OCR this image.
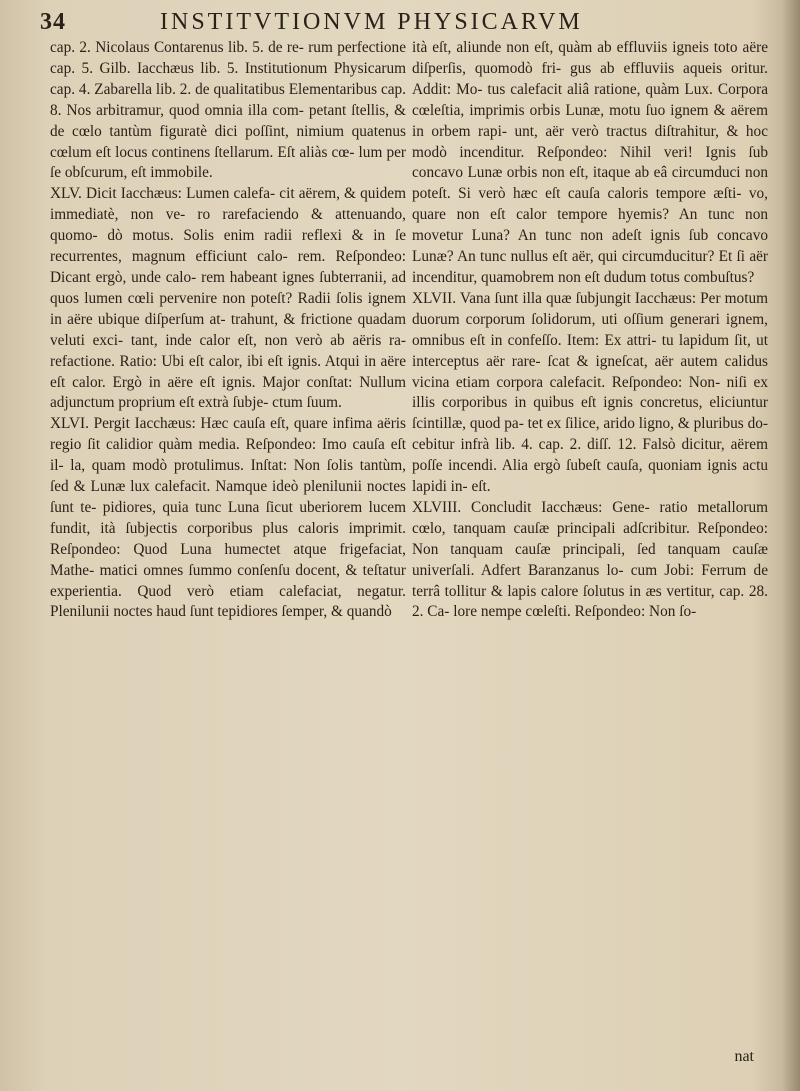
34	INSTITVTIONVM PHYSICARVM

cap. 2. Nicolaus Contarenus lib. 5. de re- rum perfectione cap. 5. Gilb. Iacchæus lib. 5. Institutionum Physicarum cap. 4. Zabarella lib. 2. de qualitatibus Elementaribus cap. 8. Nos arbitramur, quod omnia illa com- petant ſtellis, & de cœlo tantùm figuratè dici poſſint, nimium quatenus cœlum eſt locus continens ſtellarum. Eſt aliàs cœ- lum per ſe obſcurum, eſt immobile.

XLV. Dicit Iacchæus: Lumen calefa- cit aërem, & quidem immediatè, non ve- ro rarefaciendo & attenuando, quomo- dò motus. Solis enim radii reflexi & in ſe recurrentes, magnum efficiunt calo- rem. Reſpondeo: Dicant ergò, unde calo- rem habeant ignes ſubterranii, ad quos lumen cœli pervenire non poteſt? Radii ſolis ignem in aëre ubique diſperſum at- trahunt, & frictione quadam veluti exci- tant, inde calor eſt, non verò ab aëris ra- refactione. Ratio: Ubi eſt calor, ibi eſt ignis. Atqui in aëre eſt calor. Ergò in aëre eſt ignis. Major conſtat: Nullum adjunctum proprium eſt extrà ſubje- ctum ſuum.

XLVI. Pergit Iacchæus: Hæc cauſa eſt, quare infima aëris regio ſit calidior quàm media. Reſpondeo: Imo cauſa eſt il- la, quam modò protulimus. Inſtat: Non ſolis tantùm, ſed & Lunæ lux calefacit. Namque ideò plenilunii noctes ſunt te- pidiores, quia tunc Luna ſicut uberiorem lucem fundit, ità ſubjectis corporibus plus caloris imprimit. Reſpondeo: Quod Luna humectet atque frigefaciat, Mathe- matici omnes ſummo conſenſu docent, & teſtatur experientia. Quod verò etiam calefaciat, negatur. Plenilunii noctes haud ſunt tepidiores ſemper, & quandò

ità eſt, aliunde non eſt, quàm ab effluviis igneis toto aëre diſperſis, quomodò fri- gus ab effluviis aqueis oritur. Addit: Mo- tus calefacit aliâ ratione, quàm Lux. Corpora cœleſtia, imprimis orbis Lunæ, motu ſuo ignem & aërem in orbem rapi- unt, aër verò tractus diſtrahitur, & hoc modò incenditur. Reſpondeo: Nihil veri! Ignis ſub concavo Lunæ orbis non eſt, itaque ab eâ circumduci non poteſt. Si verò hæc eſt cauſa caloris tempore æſti- vo, quare non eſt calor tempore hyemis? An tunc non movetur Luna? An tunc non adeſt ignis ſub concavo Lunæ? An tunc nullus eſt aër, qui circumducitur? Et ſi aër incenditur, quamobrem non eſt dudum totus combuſtus?

XLVII. Vana ſunt illa quæ ſubjungit Iacchæus: Per motum duorum corporum ſolidorum, uti oſſium generari ignem, omnibus eſt in confeſſo. Item: Ex attri- tu lapidum ſit, ut interceptus aër rare- ſcat & igneſcat, aër autem calidus vicina etiam corpora calefacit. Reſpondeo: Non- niſi ex illis corporibus in quibus eſt ignis concretus, eliciuntur ſcintillæ, quod pa- tet ex ſilice, arido ligno, & pluribus do- cebitur infrà lib. 4. cap. 2. diſſ. 12. Falsò dicitur, aërem poſſe incendi. Alia ergò ſubeſt cauſa, quoniam ignis actu lapidi in- eſt.

XLVIII. Concludit Iacchæus: Gene- ratio metallorum cœlo, tanquam cauſæ principali adſcribitur. Reſpondeo: Non tanquam cauſæ principali, ſed tanquam cauſæ univerſali. Adfert Baranzanus lo- cum Jobi: Ferrum de terrâ tollitur & lapis calore ſolutus in æs vertitur, cap. 28. 2. Ca- lore nempe cœleſti. Reſpondeo: Non ſo-

nat
